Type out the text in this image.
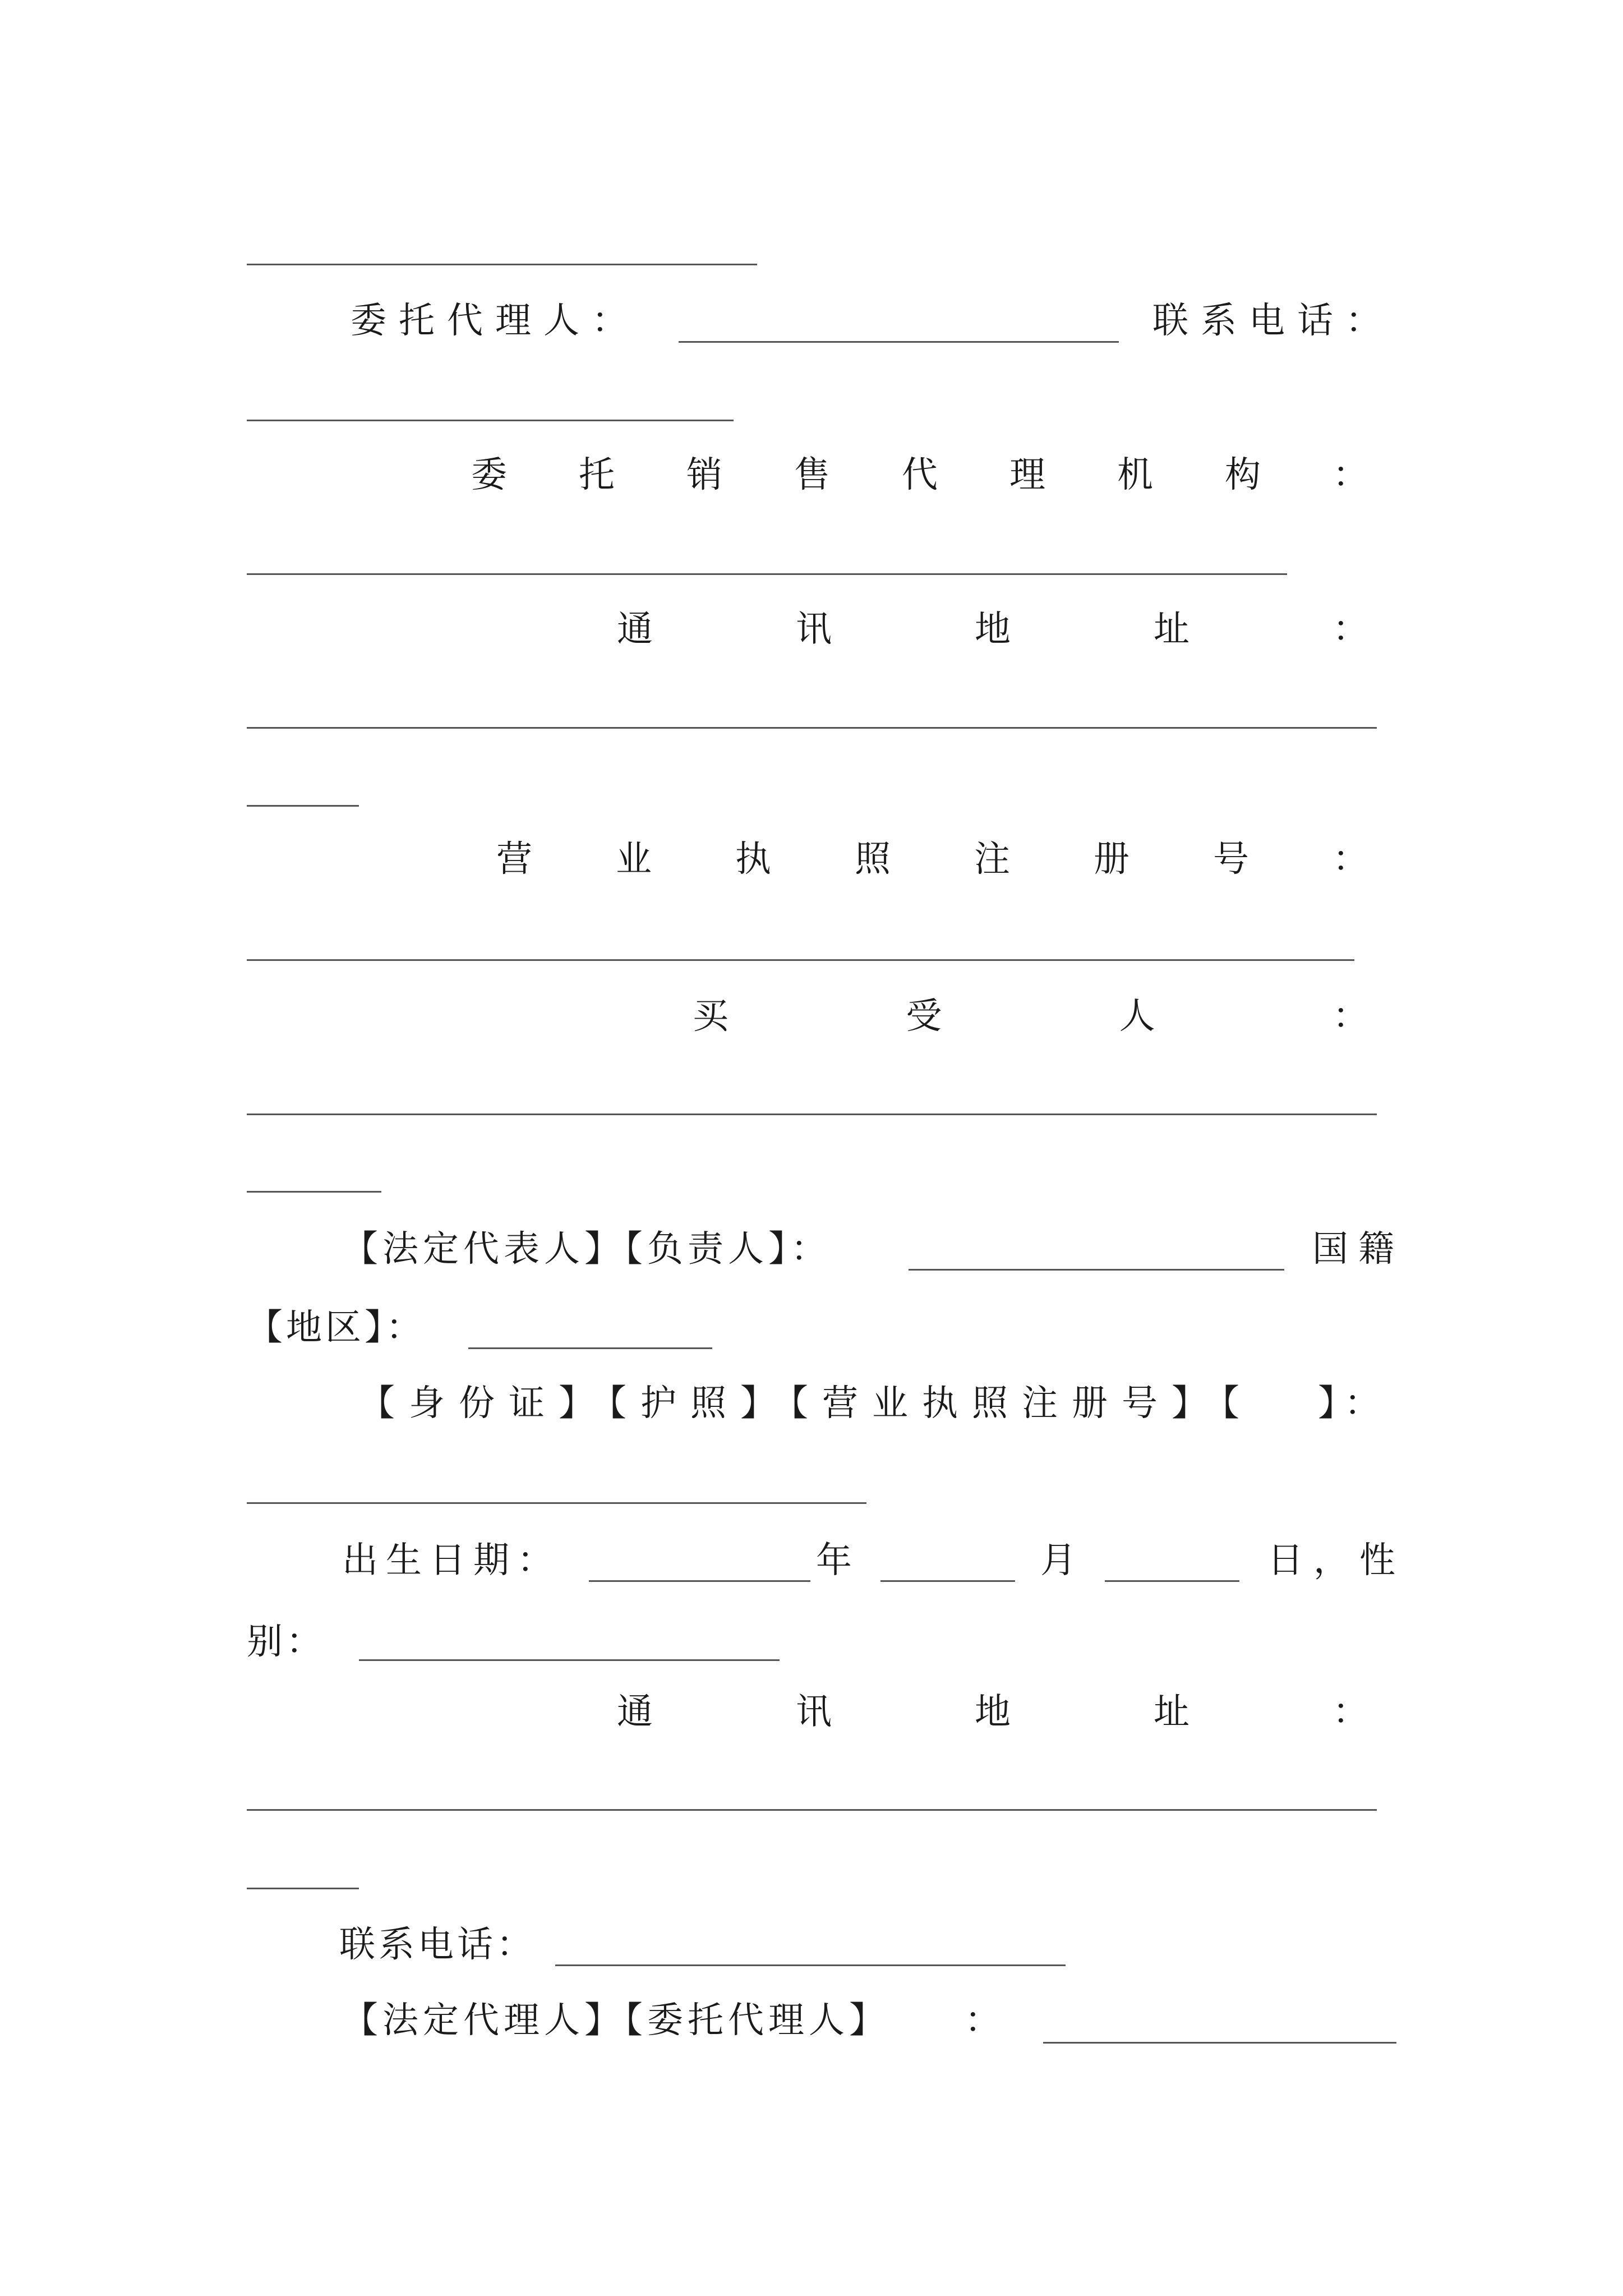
委托代理人：	联系电话：
委 托 销 售 代 理 机 构 ：
通	讯	地	址	：
营 业 执 照 注 册 号 ：
买	受	人	：
【法定代表人】【负责人】：	国籍
【地区】：
【身份证】【护照】【营业执照注册号】【 】：
出生日期：	年	月	日，性
别：
通	讯	地	址	：
联系电话：
【法定代理人】【委托代理人】 ：
